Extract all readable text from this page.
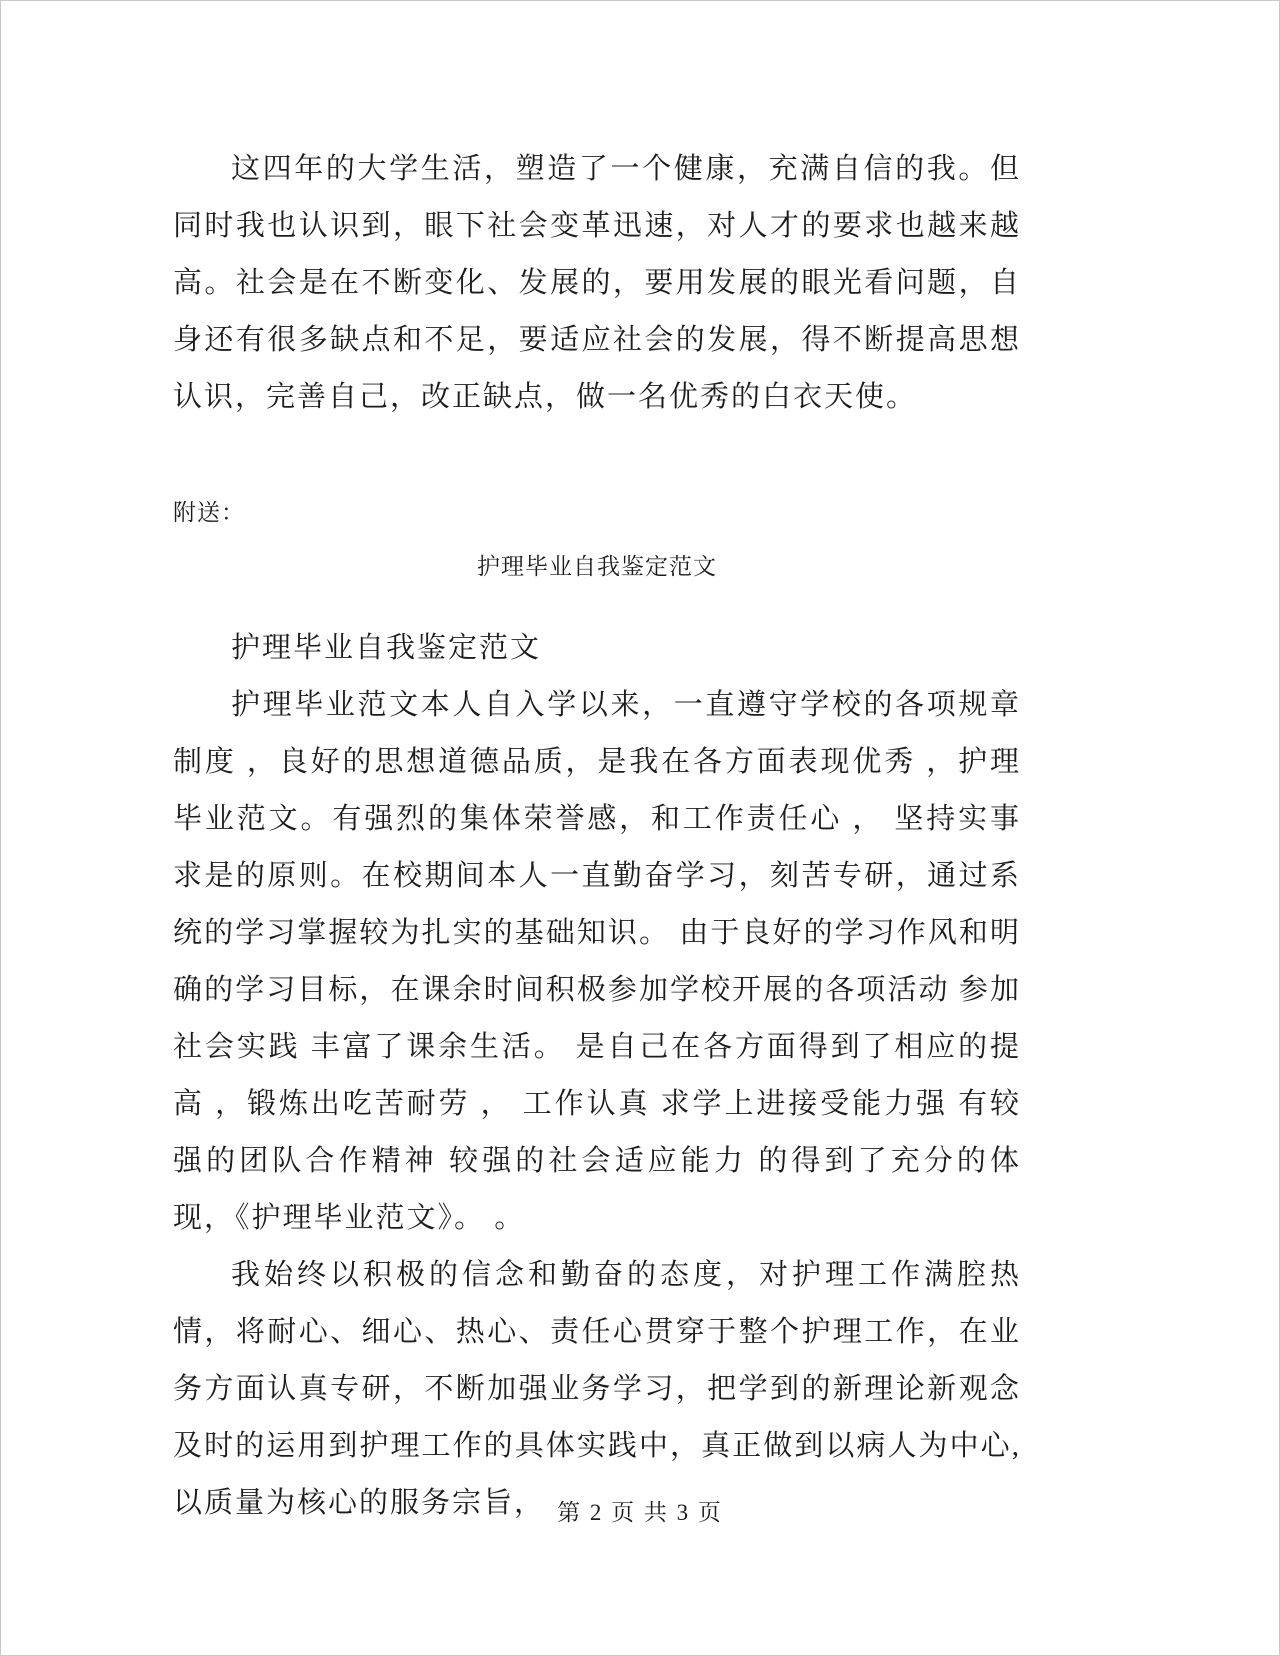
这四年的大学生活，塑造了一个健康，充满自信的我。但同时我也认识到，眼下社会变革迅速，对人才的要求也越来越高。社会是在不断变化、发展的，要用发展的眼光看问题，自身还有很多缺点和不足，要适应社会的发展，得不断提高思想认识，完善自己，改正缺点，做一名优秀的白衣天使。

附送：

护理毕业自我鉴定范文

护理毕业自我鉴定范文

护理毕业范文本人自入学以来，一直遵守学校的各项规章制度 ，良好的思想道德品质，是我在各方面表现优秀 ，护理毕业范文。有强烈的集体荣誉感，和工作责任心 ， 坚持实事求是的原则。在校期间本人一直勤奋学习，刻苦专研，通过系统的学习掌握较为扎实的基础知识。 由于良好的学习作风和明确的学习目标，在课余时间积极参加学校开展的各项活动 参加社会实践 丰富了课余生活。 是自己在各方面得到了相应的提高 ，锻炼出吃苦耐劳 ， 工作认真 求学上进接受能力强 有较强的团队合作精神 较强的社会适应能力 的得到了充分的体现，《护理毕业范文》。 。

我始终以积极的信念和勤奋的态度，对护理工作满腔热情，将耐心、细心、热心、责任心贯穿于整个护理工作，在业务方面认真专研，不断加强业务学习，把学到的新理论新观念及时的运用到护理工作的具体实践中，真正做到以病人为中心,以质量为核心的服务宗旨， 第 2 页 共 3 页
